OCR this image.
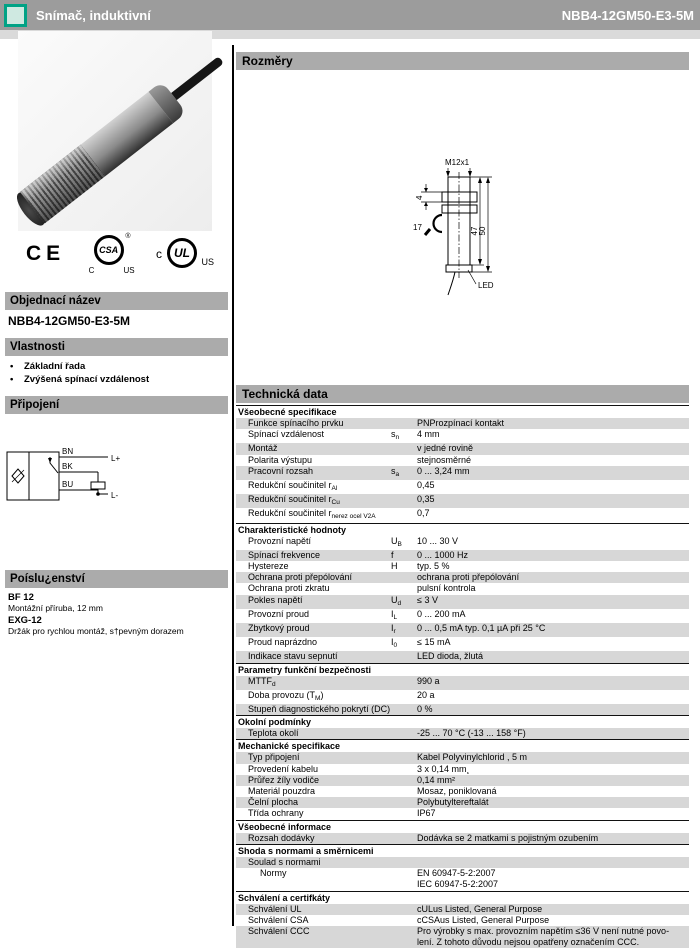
Snímač, induktivní	NBB4-12GM50-E3-5M
CE	CSA
®
C	US
c	UL
US
Objednací název
NBB4-12GM50-E3-5M
Vlastnosti
•	Základní řada
•	Zvýšená spínací vzdálenost
Připojení
BN
L+
BK
BU
L-
Poíslu¿enství
BF 12
Montážní příruba, 12 mm
EXG-12
Držák pro rychlou montáž, s†pevným dorazem
Rozměry
M12x1
LED
4
17	47 50
Technická data
Všeobecné specifikace
Funkce spínacího prvku	PNProzpínací kontakt
Spínací vzdálenost	$s_n$	4 mm
Montáž	v jedné rovině
Polarita výstupu	stejnosměrné
Pracovní rozsah	$s_a$	0 ... 3,24 mm
Redukční součinitel $r_{Al}$	0,45
Redukční součinitel $r_{Cu}$	0,35
Redukční součinitel $r_{nerez ocel V2A}$	0,7
Charakteristické hodnoty
Provozní napětí	$U_B$	10 ... 30 V
Spínací frekvence	f	0 ... 1000 Hz
Hystereze	H	typ. 5 %
Ochrana proti přepólování	ochrana proti přepólování
Ochrana proti zkratu	pulsní kontrola
Pokles napětí	$U_d$	≤ 3 V
Provozní proud	$I_L$	0 ... 200 mA
Zbytkový proud	$I_r$	0 ... 0,5 mA typ. 0,1 µA při 25 °C
Proud naprázdno	$I_0$	≤ 15 mA
Indikace stavu sepnutí	LED dioda, žlutá
Parametry funkční bezpečnosti
$MTTF_d$	990 a
Doba provozu $(T_M)$	20 a
Stupeň diagnostického pokrytí (DC)	0 %
Okolní podmínky
Teplota okolí	-25 ... 70 °C (-13 ... 158 °F)
Mechanické specifikace
Typ připojení	Kabel Polyvinylchlorid , 5 m
Provedení kabelu	3 x 0,14 mm¸
Průřez žíly vodiče	0,14 mm²
Materiál pouzdra	Mosaz, poniklovaná
Čelní plocha	Polybutyltereftalát
Třída ochrany	IP67
Všeobecné informace
Rozsah dodávky	Dodávka se 2 matkami s pojistným ozubením
Shoda s normami a směrnicemi
Soulad s normami
Normy	EN 60947-5-2:2007
IEC 60947-5-2:2007
Schválení a certifkáty
Schválení UL	cULus Listed, General Purpose
Schválení CSA	cCSAus Listed, General Purpose
Schválení CCC	Pro výrobky s max. provozním napětím ≤36 V není nutné povo-
lení. Z tohoto důvodu nejsou opatřeny označením CCC.
